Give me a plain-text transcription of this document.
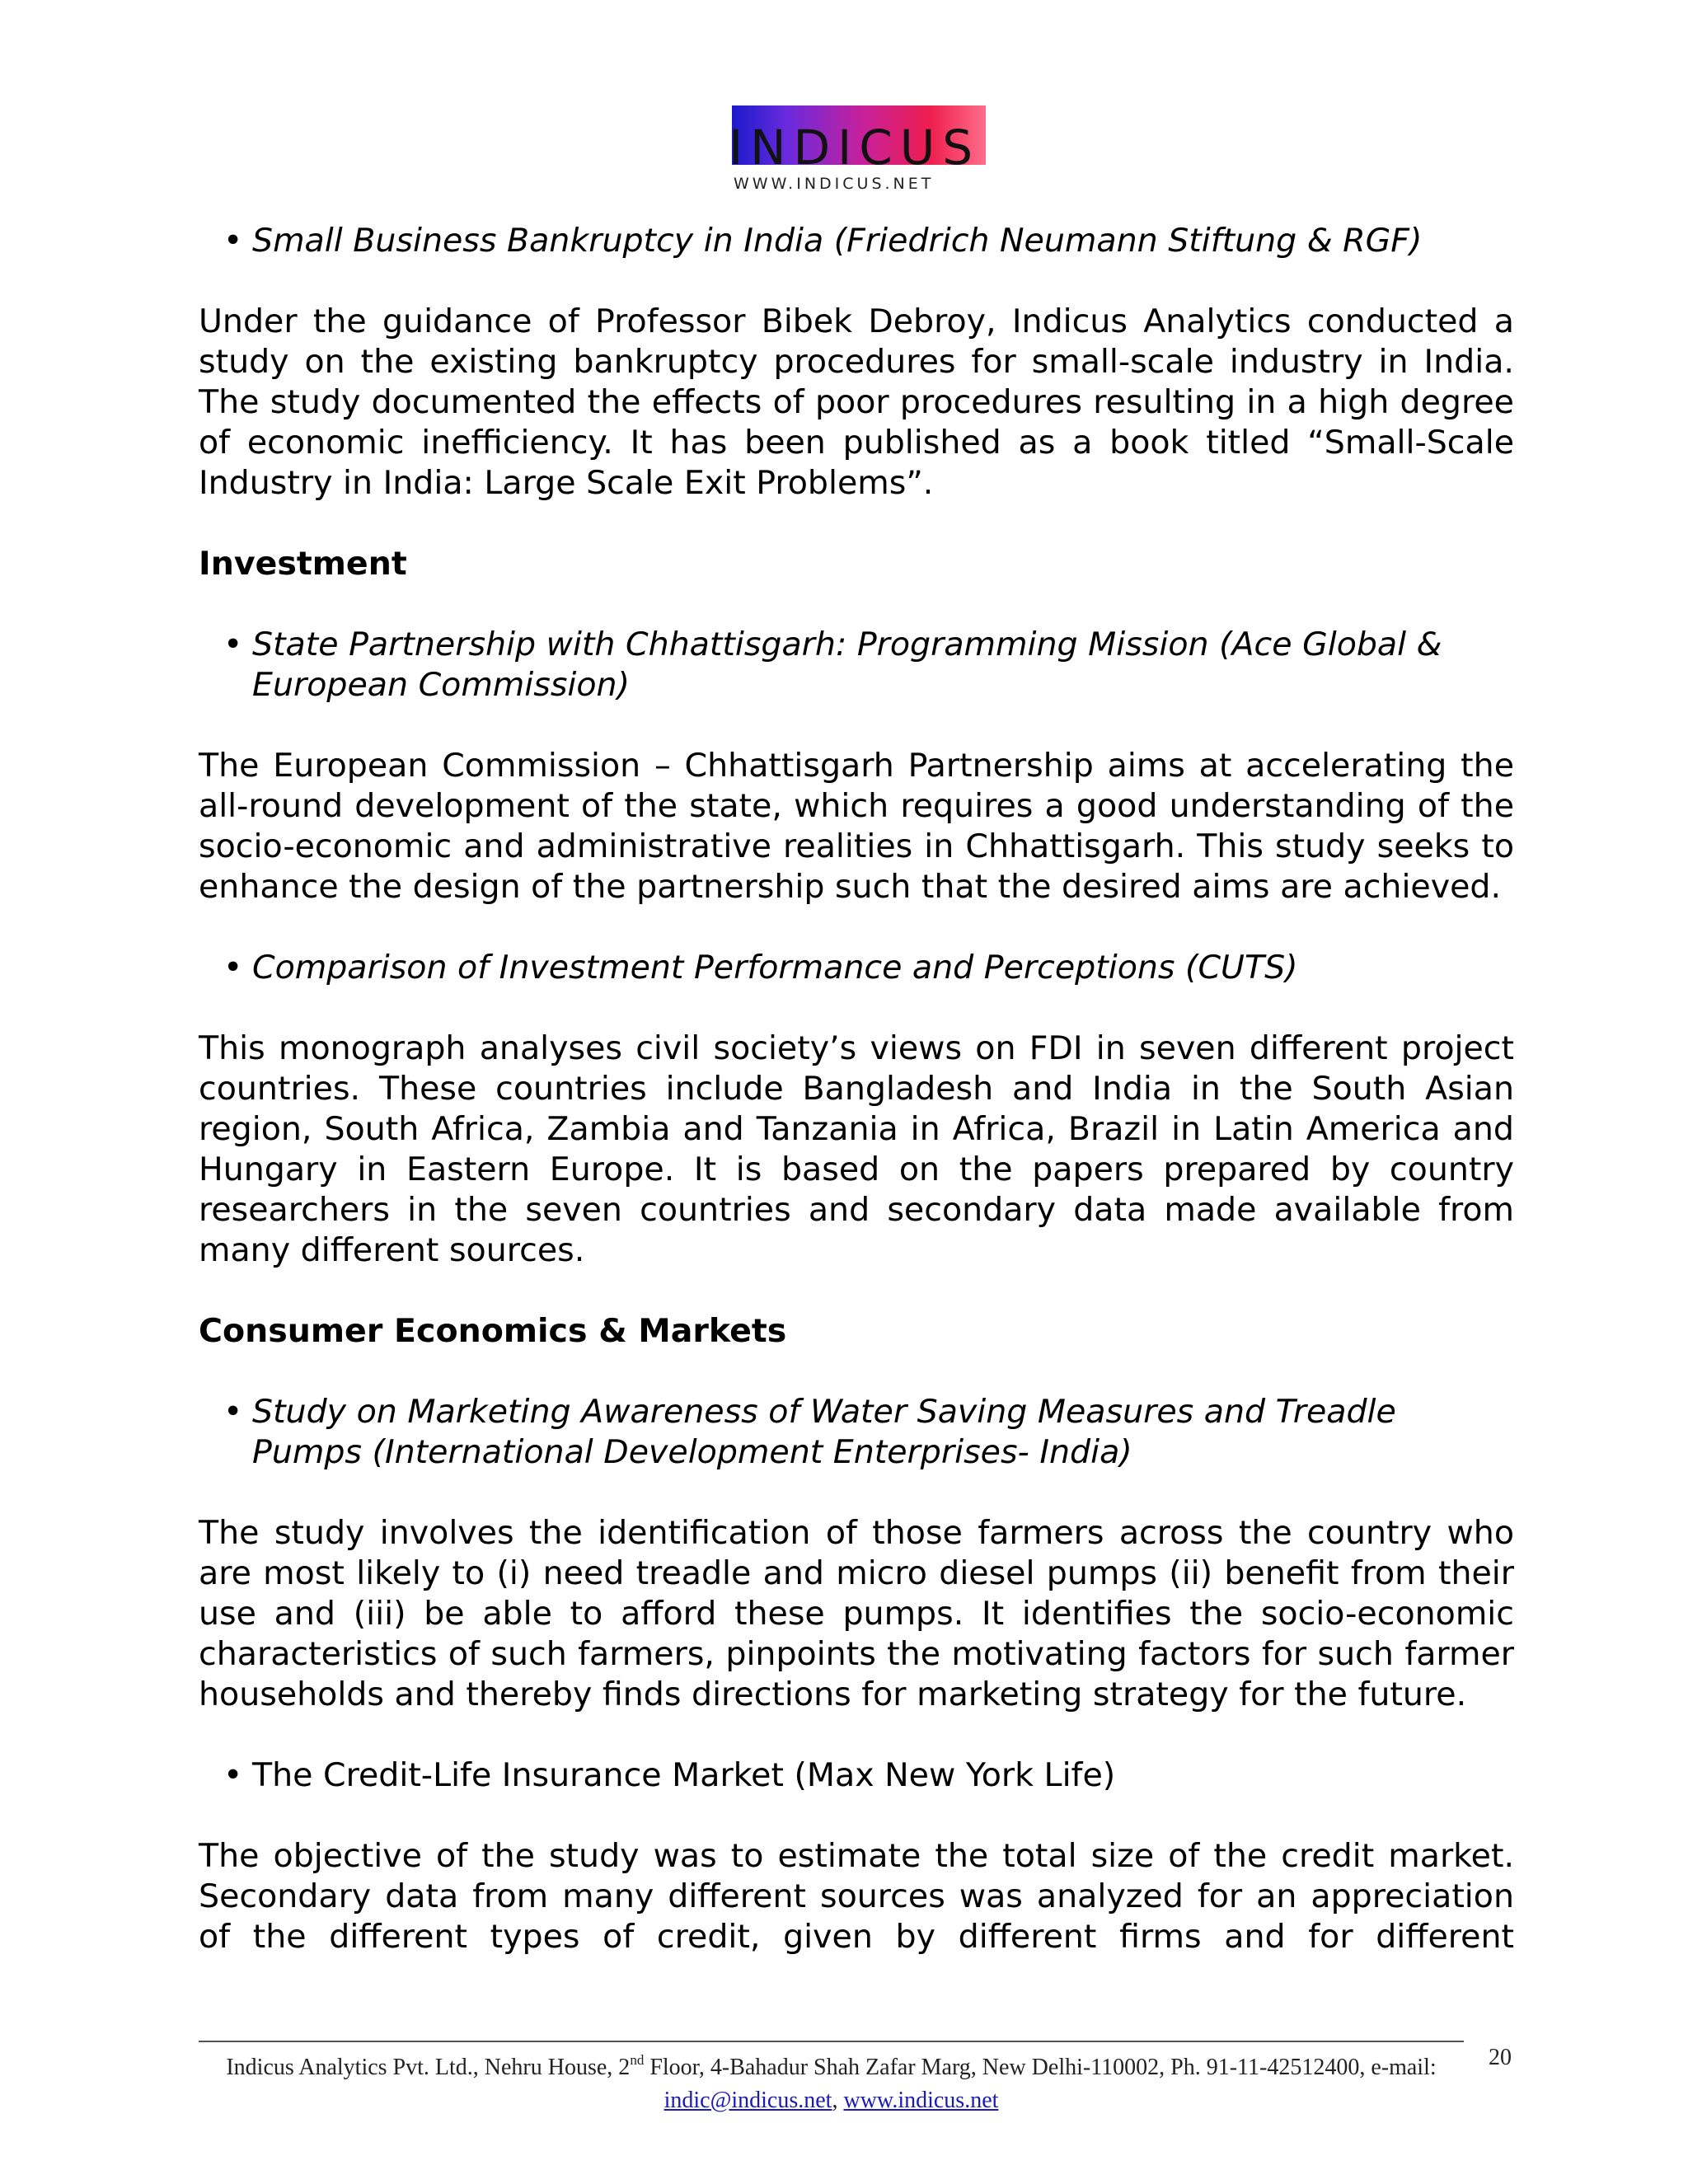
INDICUS
WWW.INDICUS.NET

• Small Business Bankruptcy in India (Friedrich Neumann Stiftung & RGF)

Under the guidance of Professor Bibek Debroy, Indicus Analytics conducted a study on the existing bankruptcy procedures for small-scale industry in India. The study documented the effects of poor procedures resulting in a high degree of economic inefficiency. It has been published as a book titled “Small-Scale Industry in India: Large Scale Exit Problems”.

Investment

• State Partnership with Chhattisgarh: Programming Mission (Ace Global & European Commission)

The European Commission – Chhattisgarh Partnership aims at accelerating the all-round development of the state, which requires a good understanding of the socio-economic and administrative realities in Chhattisgarh. This study seeks to enhance the design of the partnership such that the desired aims are achieved.

• Comparison of Investment Performance and Perceptions (CUTS)

This monograph analyses civil society’s views on FDI in seven different project countries. These countries include Bangladesh and India in the South Asian region, South Africa, Zambia and Tanzania in Africa, Brazil in Latin America and Hungary in Eastern Europe. It is based on the papers prepared by country researchers in the seven countries and secondary data made available from many different sources.

Consumer Economics & Markets

• Study on Marketing Awareness of Water Saving Measures and Treadle Pumps (International Development Enterprises- India)

The study involves the identification of those farmers across the country who are most likely to (i) need treadle and micro diesel pumps (ii) benefit from their use and (iii) be able to afford these pumps. It identifies the socio-economic characteristics of such farmers, pinpoints the motivating factors for such farmer households and thereby finds directions for marketing strategy for the future.

• The Credit-Life Insurance Market (Max New York Life)

The objective of the study was to estimate the total size of the credit market. Secondary data from many different sources was analyzed for an appreciation of the different types of credit, given by different firms and for different

Indicus Analytics Pvt. Ltd., Nehru House, 2nd Floor, 4-Bahadur Shah Zafar Marg, New Delhi-110002, Ph. 91-11-42512400, e-mail: indic@indicus.net, www.indicus.net
20
